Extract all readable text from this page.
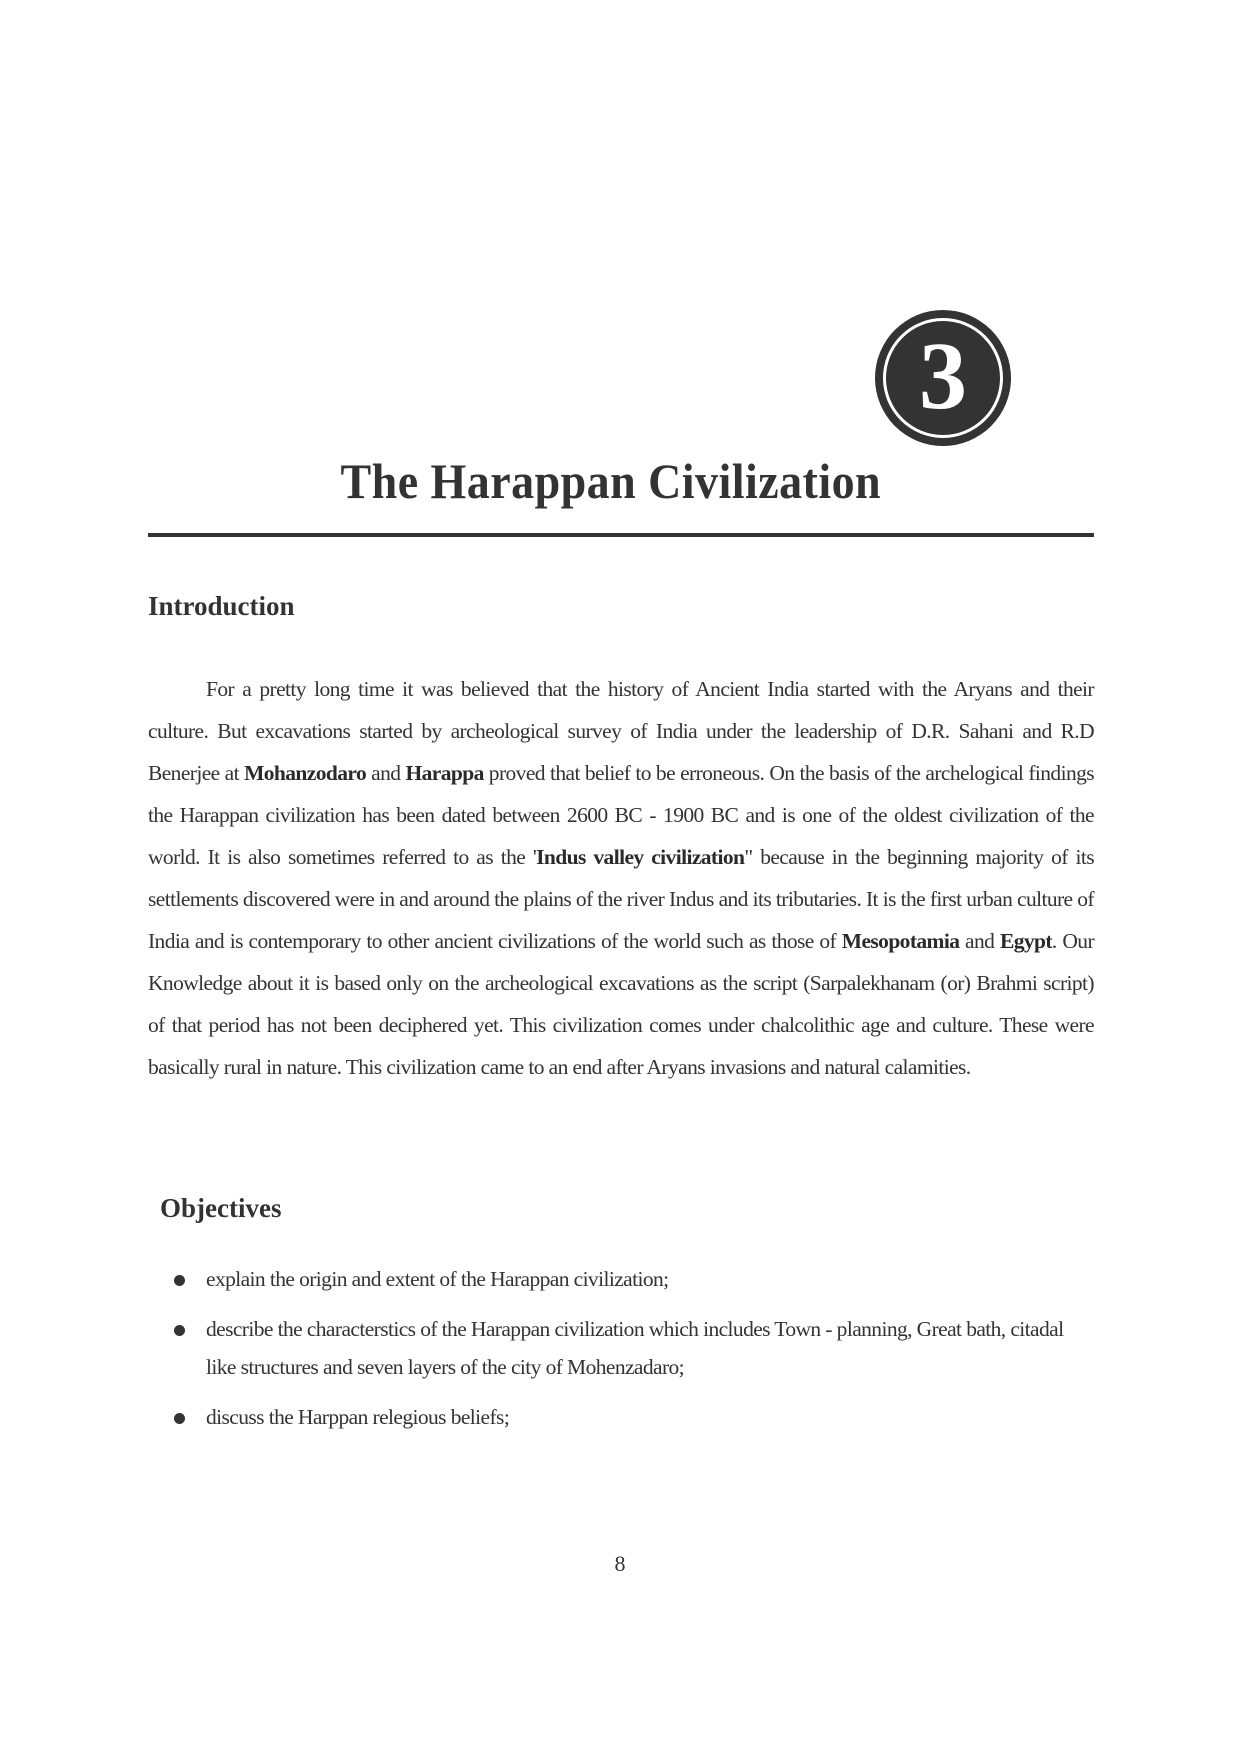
3
The Harappan Civilization
Introduction

For a pretty long time it was believed that the history of Ancient India started with the Aryans and their culture. But excavations started by archeological survey of India under the leadership of D.R. Sahani and R.D Benerjee at Mohanzodaro and Harappa proved that belief to be erroneous. On the basis of the archelogical findings the Harappan civilization has been dated between 2600 BC - 1900 BC and is one of the oldest civilization of the world. It is also sometimes referred to as the 'Indus valley civilization" because in the beginning majority of its settlements discovered were in and around the plains of the river Indus and its tributaries. It is the first urban culture of India and is contemporary to other ancient civilizations of the world such as those of Mesopotamia and Egypt. Our Knowledge about it is based only on the archeological excavations as the script (Sarpalekhanam (or) Brahmi script) of that period has not been deciphered yet. This civilization comes under chalcolithic age and culture. These were basically rural in nature. This civilization came to an end after Aryans invasions and natural calamities.

Objectives
explain the origin and extent of the Harappan civilization;
describe the characterstics of the Harappan civilization which includes Town - planning, Great bath, citadal like structures and seven layers of the city of Mohenzadaro;
discuss the Harppan relegious beliefs;
8
